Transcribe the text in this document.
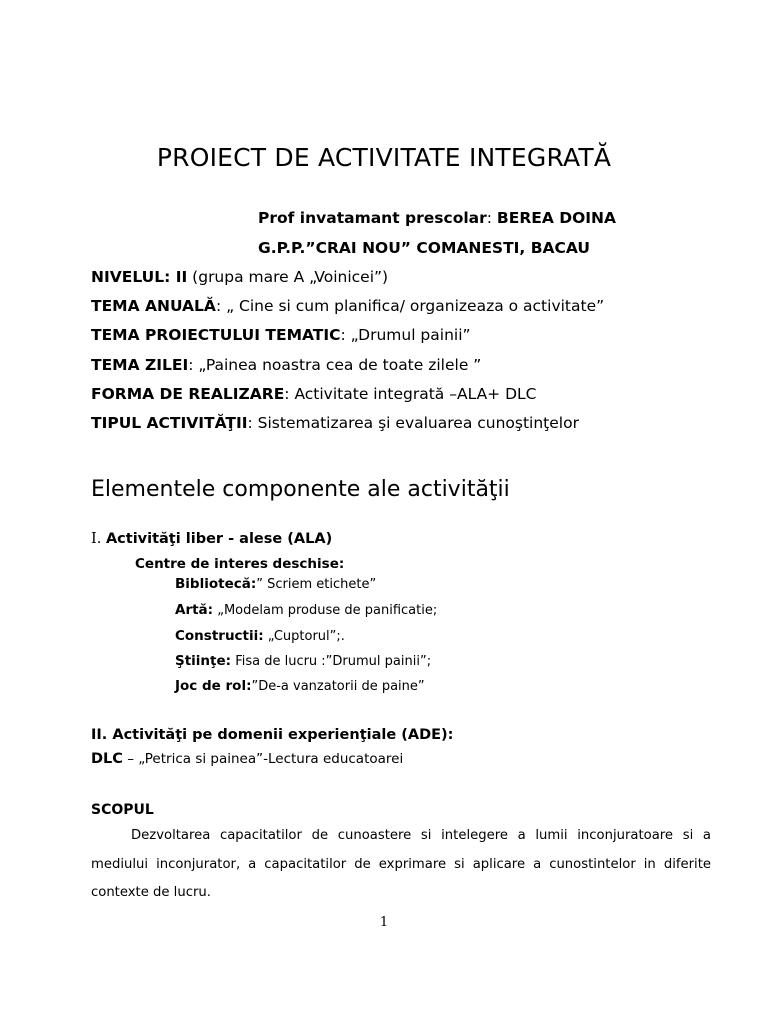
PROIECT DE ACTIVITATE INTEGRATĂ
Prof invatamant prescolar: BEREA DOINA
G.P.P.”CRAI NOU” COMANESTI, BACAU
NIVELUL: II (grupa mare A „Voinicei”)
TEMA ANUALĂ: „ Cine si cum planifica/ organizeaza o activitate”
TEMA PROIECTULUI TEMATIC: „Drumul painii”
TEMA ZILEI: „Painea noastra cea de toate zilele ”
FORMA DE REALIZARE: Activitate integrată –ALA+ DLC
TIPUL ACTIVITĂŢII: Sistematizarea şi evaluarea cunoştinţelor
Elementele componente ale activităţii
I. Activităţi liber - alese (ALA)
Centre de interes deschise:
Bibliotecă:” Scriem etichete”
Artă: „Modelam produse de panificatie;
Constructii: „Cuptorul”;.
Ştiinţe: Fisa de lucru :”Drumul painii”;
Joc de rol:”De-a vanzatorii de paine”
II. Activităţi pe domenii experienţiale (ADE):
DLC – „Petrica si painea”-Lectura educatoarei
SCOPUL
Dezvoltarea capacitatilor de cunoastere si intelegere a lumii inconjuratoare si a mediului inconjurator, a capacitatilor de exprimare si aplicare a cunostintelor in diferite contexte de lucru.
1
